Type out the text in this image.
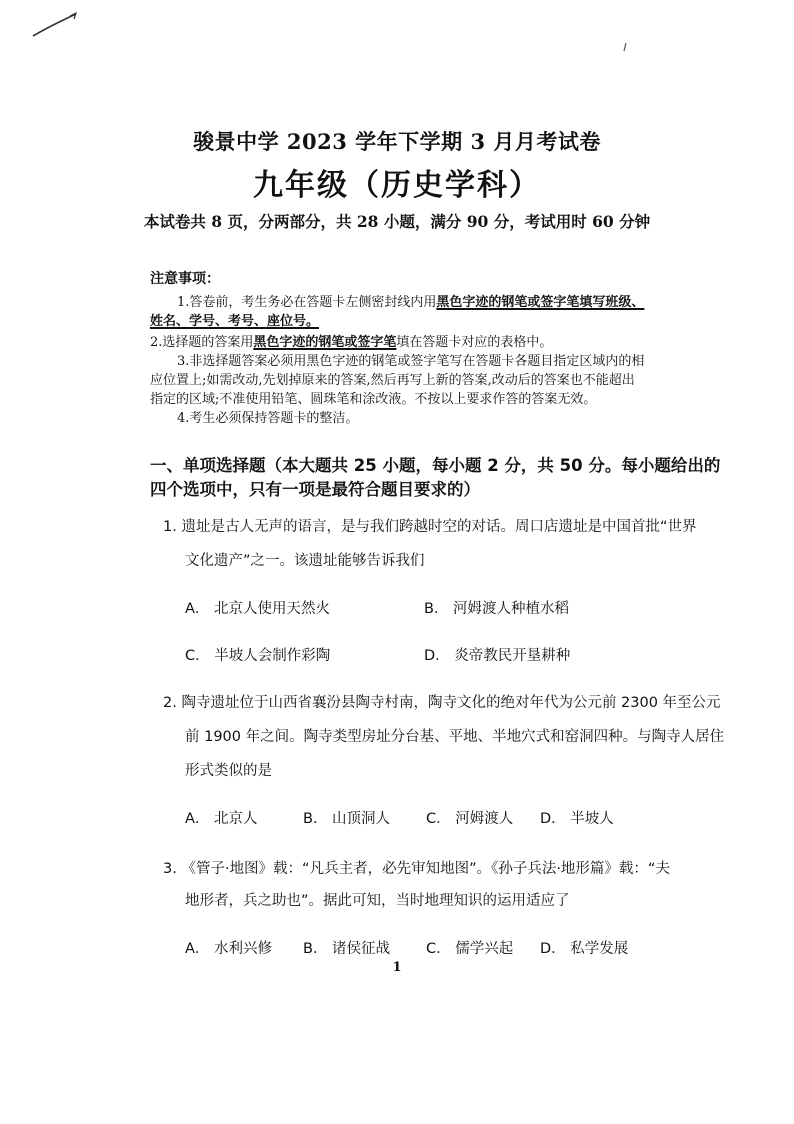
骏景中学 2023 学年下学期 3 月月考试卷
九年级（历史学科）
本试卷共 8 页，分两部分，共 28 小题，满分 90 分，考试用时 60 分钟
注意事项：
1.答卷前，考生务必在答题卡左侧密封线内用黑色字迹的钢笔或签字笔填写班级、
姓名、学号、考号、座位号。
2.选择题的答案用黑色字迹的钢笔或签字笔填在答题卡对应的表格中。
3.非选择题答案必须用黑色字迹的钢笔或签字笔写在答题卡各题目指定区域内的相
应位置上;如需改动,先划掉原来的答案,然后再写上新的答案,改动后的答案也不能超出
指定的区域;不准使用铅笔、圆珠笔和涂改液。不按以上要求作答的答案无效。
4.考生必须保持答题卡的整洁。
一、单项选择题（本大题共 25 小题，每小题 2 分，共 50 分。每小题给出的
四个选项中，只有一项是最符合题目要求的）
1. 遗址是古人无声的语言，是与我们跨越时空的对话。周口店遗址是中国首批“世界
文化遗产”之一。该遗址能够告诉我们
A． 北京人使用天然火	B． 河姆渡人种植水稻
C． 半坡人会制作彩陶	D． 炎帝教民开垦耕种
2. 陶寺遗址位于山西省襄汾县陶寺村南，陶寺文化的绝对年代为公元前 2300 年至公元
前 1900 年之间。陶寺类型房址分台基、平地、半地穴式和窑洞四种。与陶寺人居住
形式类似的是
A． 北京人	B． 山顶洞人 C． 河姆渡人 D． 半坡人
3. 《管子·地图》载：“凡兵主者，必先审知地图”。《孙子兵法·地形篇》载：“夫
地形者，兵之助也”。据此可知，当时地理知识的运用适应了
A． 水利兴修 B． 诸侯征战 C． 儒学兴起 D． 私学发展
1
